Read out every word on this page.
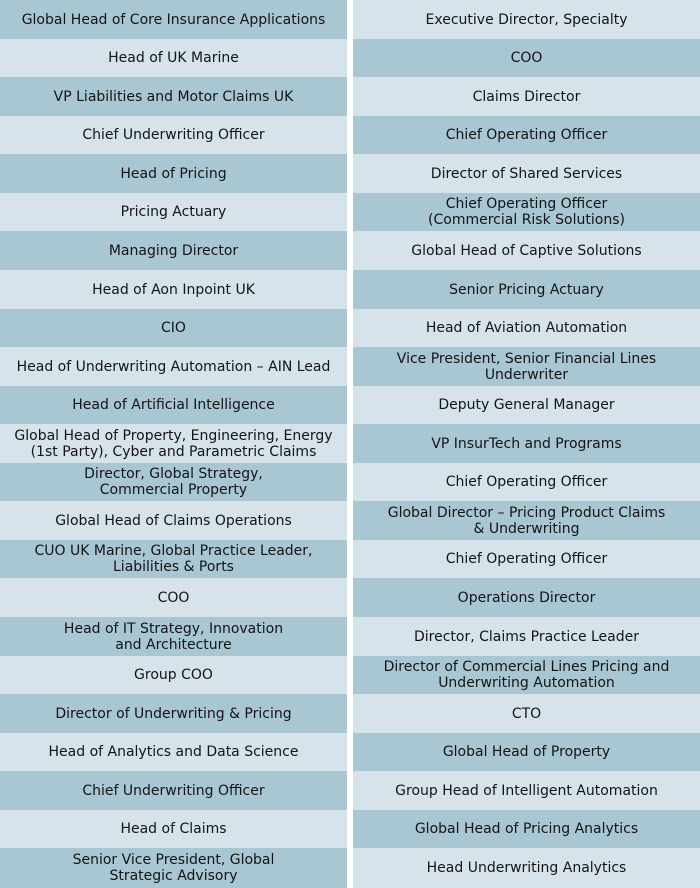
Global Head of Core Insurance Applications
Head of UK Marine
VP Liabilities and Motor Claims UK
Chief Underwriting Officer
Head of Pricing
Pricing Actuary
Managing Director
Head of Aon Inpoint UK
CIO
Head of Underwriting Automation – AIN Lead
Head of Artificial Intelligence
Global Head of Property, Engineering, Energy
(1st Party), Cyber and Parametric Claims
Director, Global Strategy,
Commercial Property
Global Head of Claims Operations
CUO UK Marine, Global Practice Leader,
Liabilities & Ports
COO
Head of IT Strategy, Innovation
and Architecture
Group COO
Director of Underwriting & Pricing
Head of Analytics and Data Science
Chief Underwriting Officer
Head of Claims
Senior Vice President, Global
Strategic Advisory
Executive Director, Specialty
COO
Claims Director
Chief Operating Officer
Director of Shared Services
Chief Operating Officer
(Commercial Risk Solutions)
Global Head of Captive Solutions
Senior Pricing Actuary
Head of Aviation Automation
Vice President, Senior Financial Lines
Underwriter
Deputy General Manager
VP InsurTech and Programs
Chief Operating Officer
Global Director – Pricing Product Claims
& Underwriting
Chief Operating Officer
Operations Director
Director, Claims Practice Leader
Director of Commercial Lines Pricing and
Underwriting Automation
CTO
Global Head of Property
Group Head of Intelligent Automation
Global Head of Pricing Analytics
Head Underwriting Analytics
